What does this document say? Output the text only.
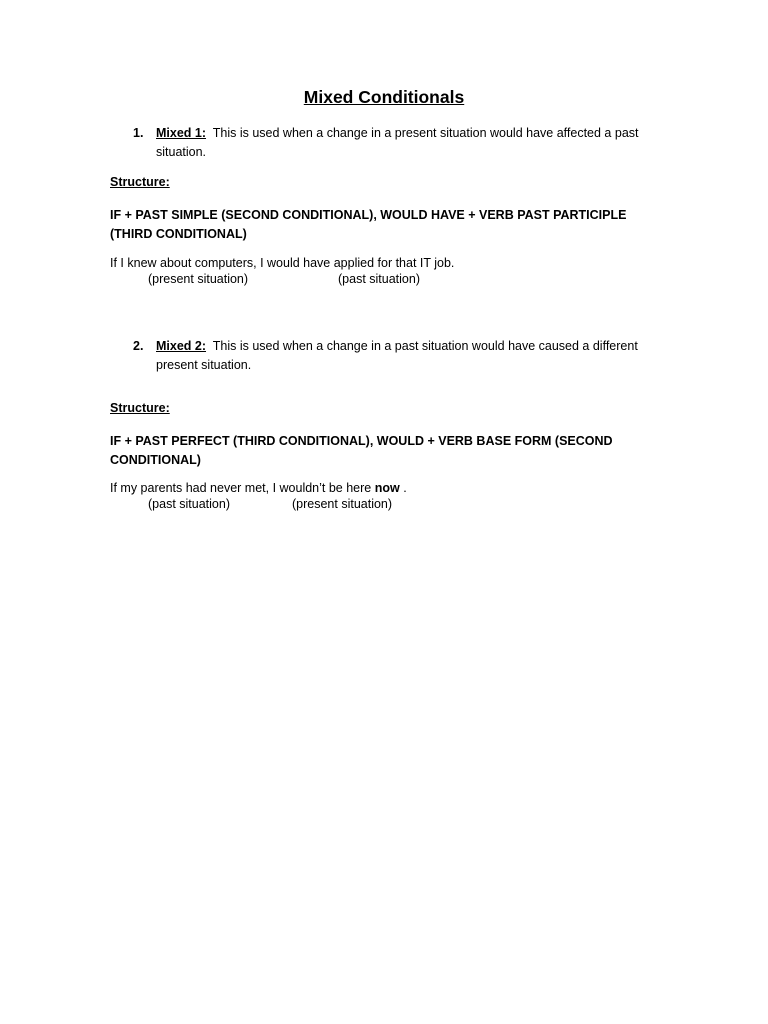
Mixed Conditionals
1. Mixed 1: This is used when a change in a present situation would have affected a past situation.
Structure:
IF + PAST SIMPLE (SECOND CONDITIONAL), WOULD HAVE + VERB PAST PARTICIPLE (THIRD CONDITIONAL)
If I knew about computers, I would have applied for that IT job.
(present situation)	(past situation)
2. Mixed 2: This is used when a change in a past situation would have caused a different present situation.
Structure:
IF + PAST PERFECT (THIRD CONDITIONAL), WOULD + VERB BASE FORM (SECOND CONDITIONAL)
If my parents had never met, I wouldn’t be here now .
(past situation)	(present situation)
